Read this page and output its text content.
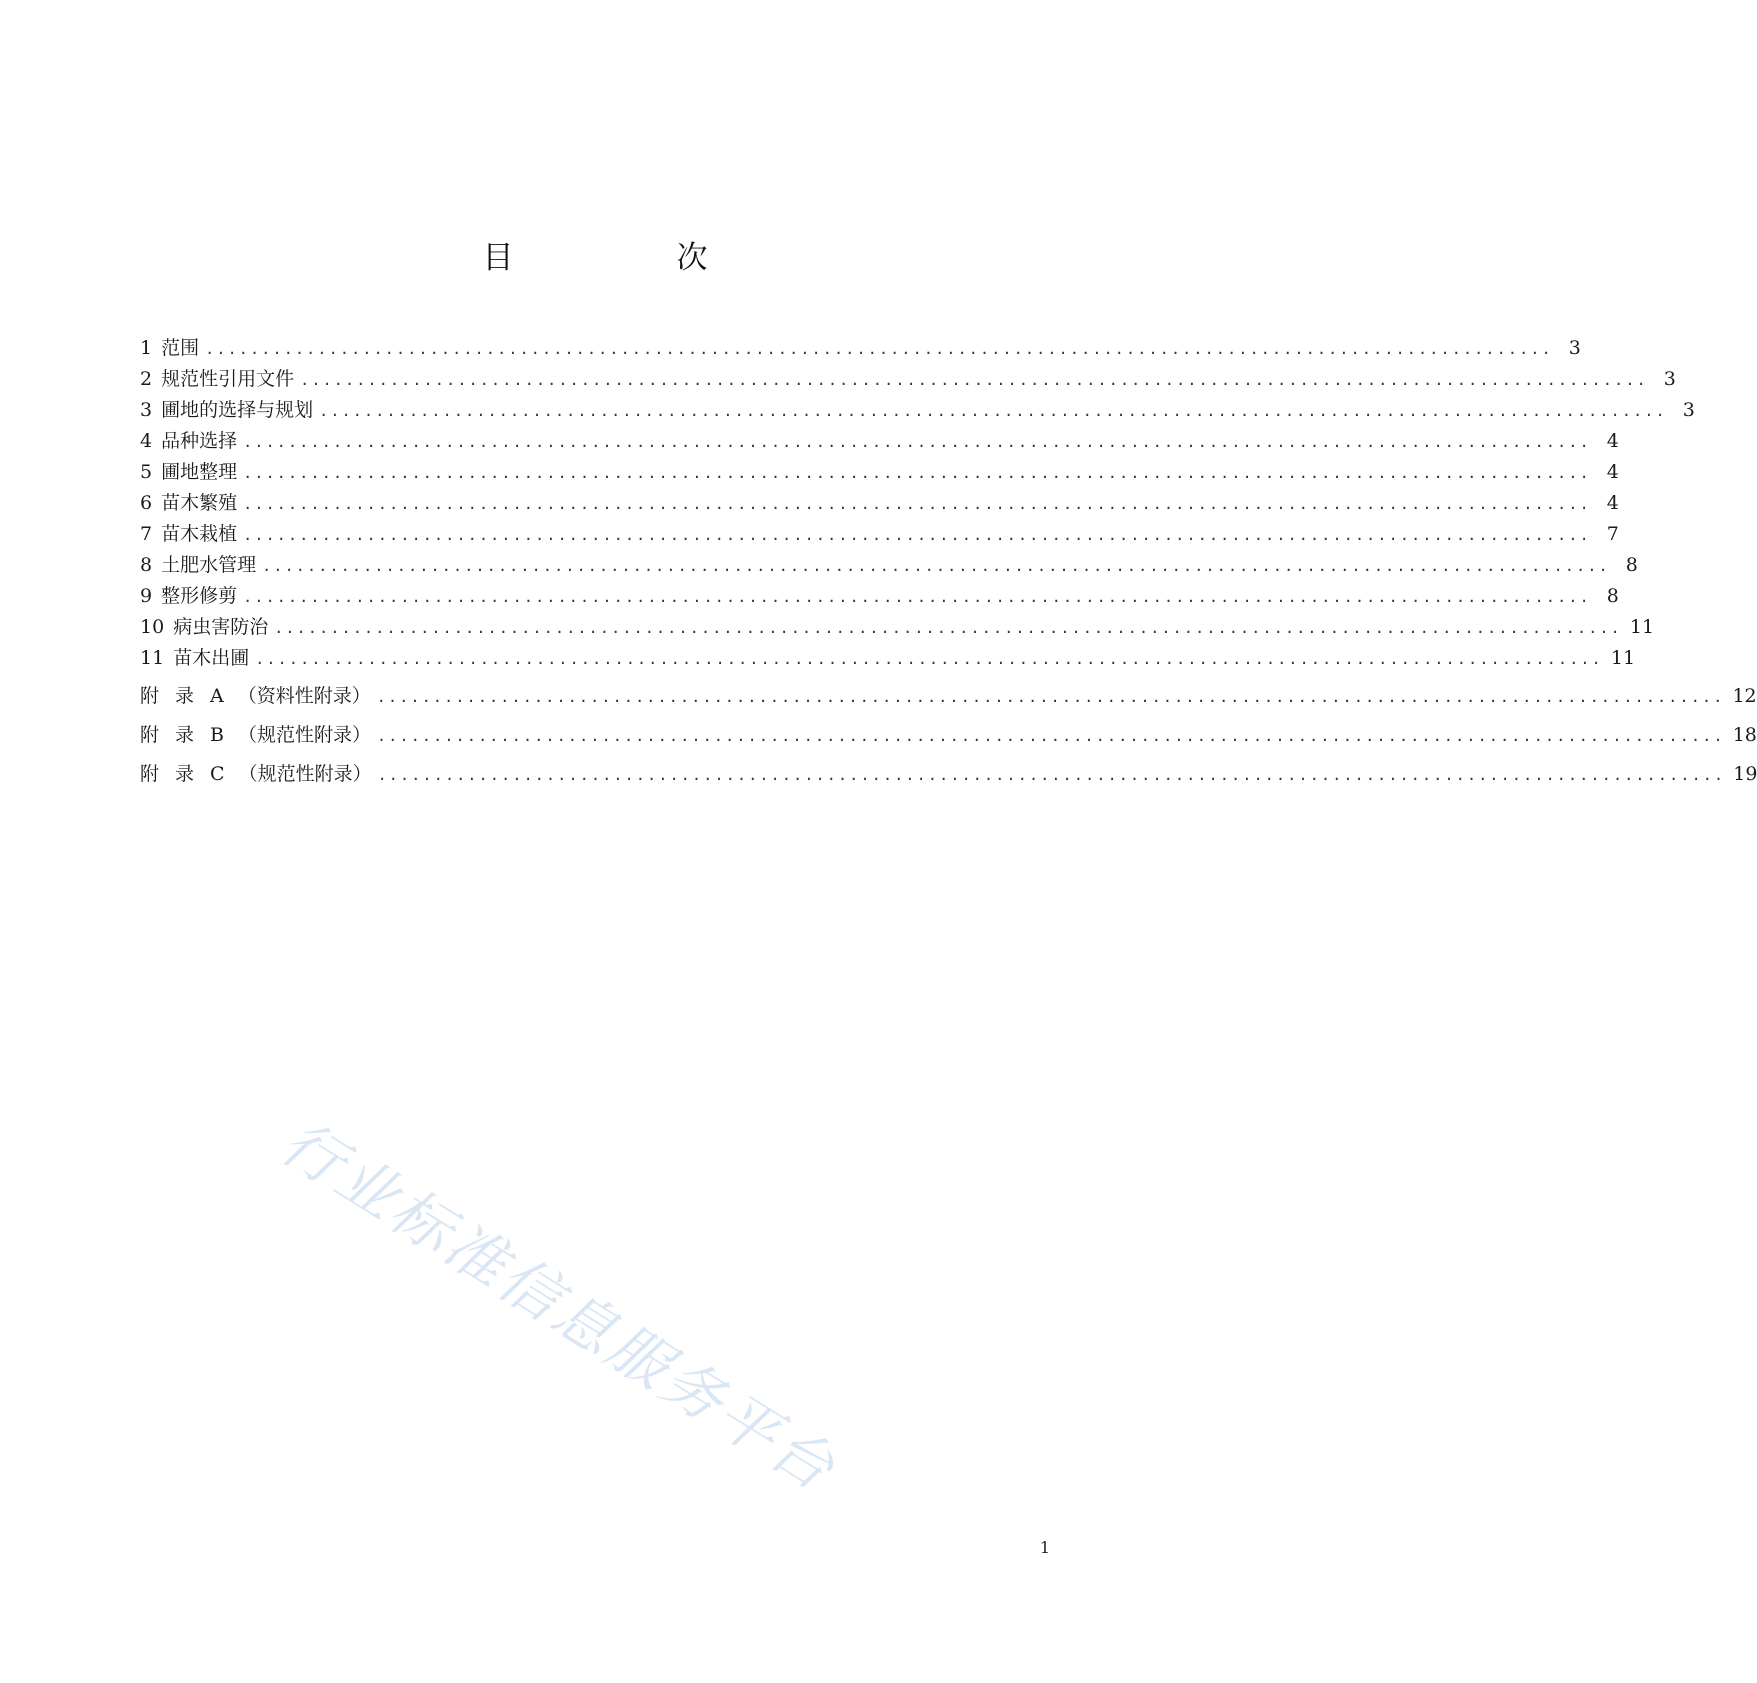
目　次
1 范围 ........................................................................................................................ 3
2 规范性引用文件 ........................................................................................................................ 3
3 圃地的选择与规划 ........................................................................................................................ 3
4 品种选择 ........................................................................................................................ 4
5 圃地整理 ........................................................................................................................ 4
6 苗木繁殖 ........................................................................................................................ 4
7 苗木栽植 ........................................................................................................................ 7
8 土肥水管理 ........................................................................................................................ 8
9 整形修剪 ........................................................................................................................ 8
10 病虫害防治 ........................................................................................................................ 11
11 苗木出圃 ........................................................................................................................ 11
附录 A （资料性附录） ........................................................................................................................ 12
附录 B （规范性附录） ........................................................................................................................ 18
附录 C （规范性附录） ........................................................................................................................ 19
行业标准信息服务平台
1
